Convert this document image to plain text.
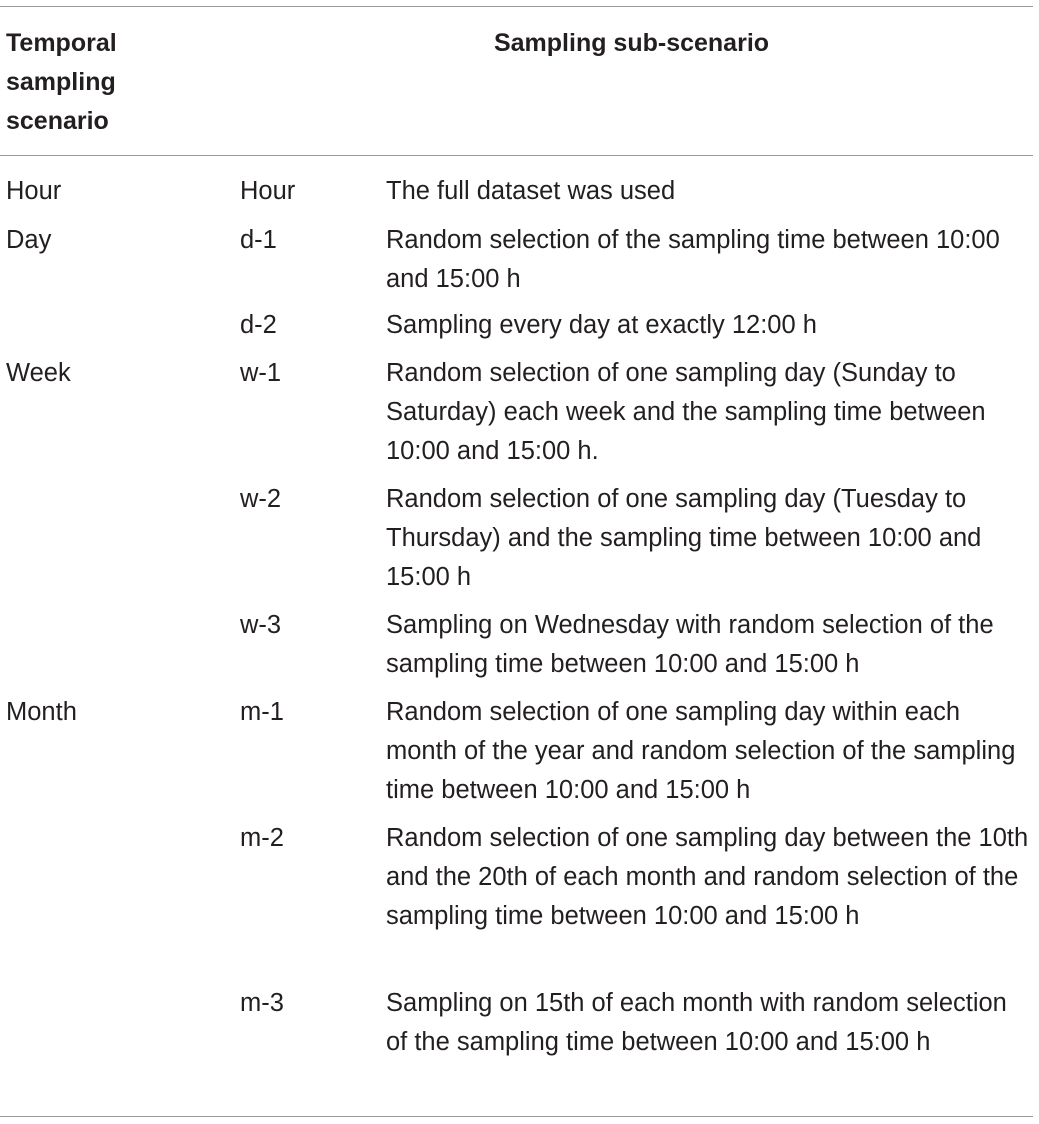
Temporal sampling scenario
Sampling sub-scenario
Hour	Hour	The full dataset was used
Day	d-1	Random selection of the sampling time between 10:00 and 15:00 h
d-2	Sampling every day at exactly 12:00 h
Week	w-1	Random selection of one sampling day (Sunday to Saturday) each week and the sampling time between 10:00 and 15:00 h.
w-2	Random selection of one sampling day (Tuesday to Thursday) and the sampling time between 10:00 and 15:00 h
w-3	Sampling on Wednesday with random selection of the sampling time between 10:00 and 15:00 h
Month	m-1	Random selection of one sampling day within each month of the year and random selection of the sampling time between 10:00 and 15:00 h
m-2	Random selection of one sampling day between the 10th and the 20th of each month and random selection of the sampling time between 10:00 and 15:00 h
m-3	Sampling on 15th of each month with random selection of the sampling time between 10:00 and 15:00 h
